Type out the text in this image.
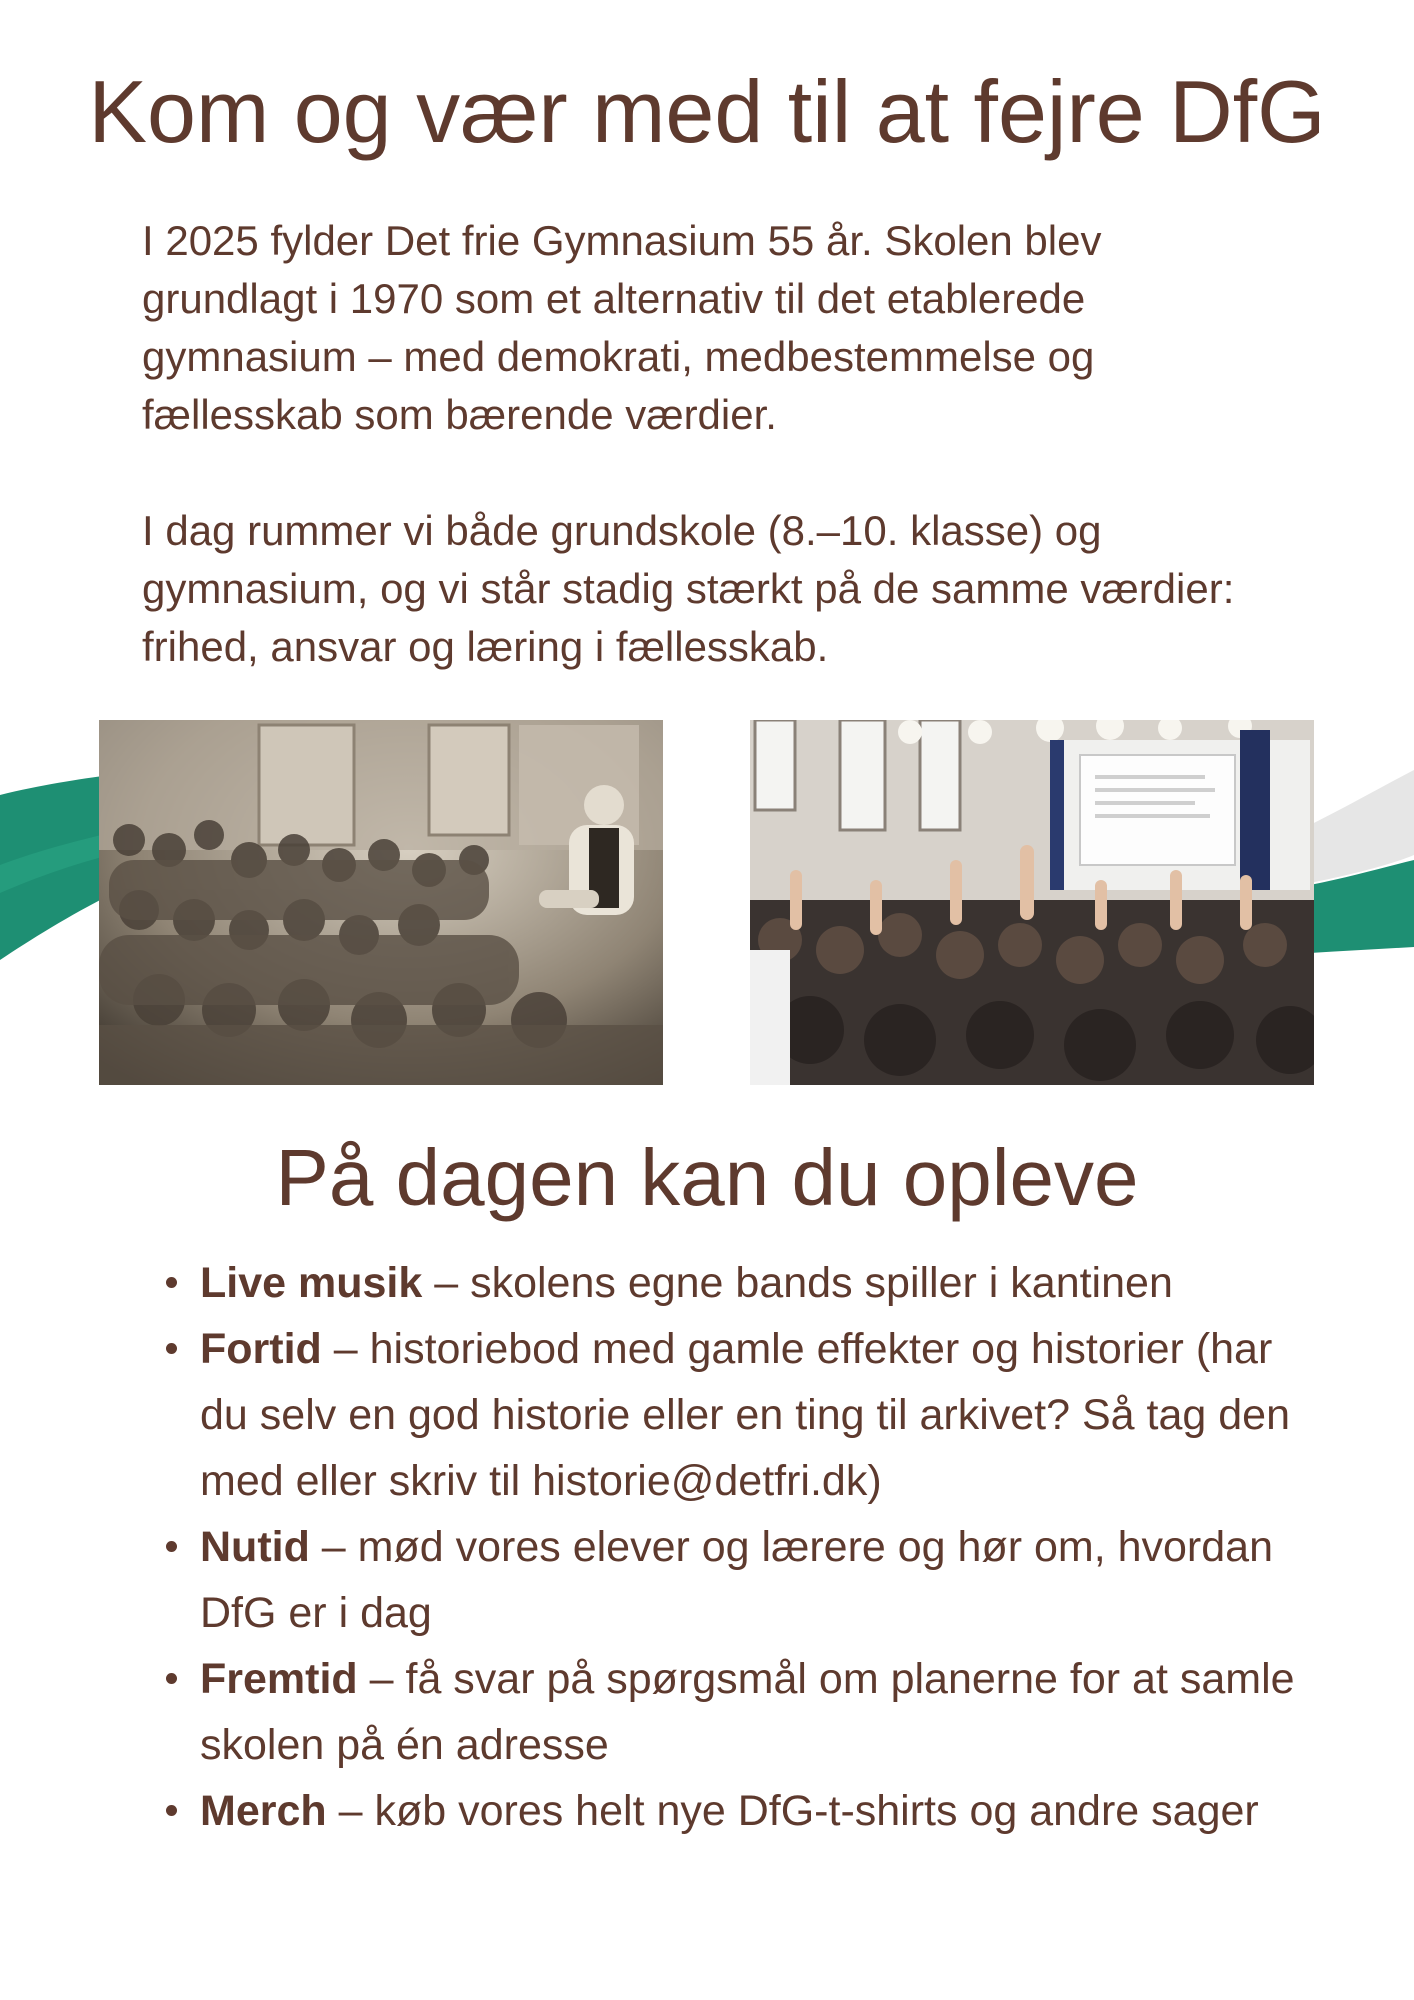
Kom og vær med til at fejre DfG

I 2025 fylder Det frie Gymnasium 55 år. Skolen blev grundlagt i 1970 som et alternativ til det etablerede gymnasium – med demokrati, medbestemmelse og fællesskab som bærende værdier.

I dag rummer vi både grundskole (8.–10. klasse) og gymnasium, og vi står stadig stærkt på de samme værdier: frihed, ansvar og læring i fællesskab.

På dagen kan du opleve
Live musik – skolens egne bands spiller i kantinen
Fortid – historiebod med gamle effekter og historier (har du selv en god historie eller en ting til arkivet? Så tag den med eller skriv til historie@detfri.dk)
Nutid – mød vores elever og lærere og hør om, hvordan DfG er i dag
Fremtid – få svar på spørgsmål om planerne for at samle skolen på én adresse
Merch – køb vores helt nye DfG-t-shirts og andre sager
